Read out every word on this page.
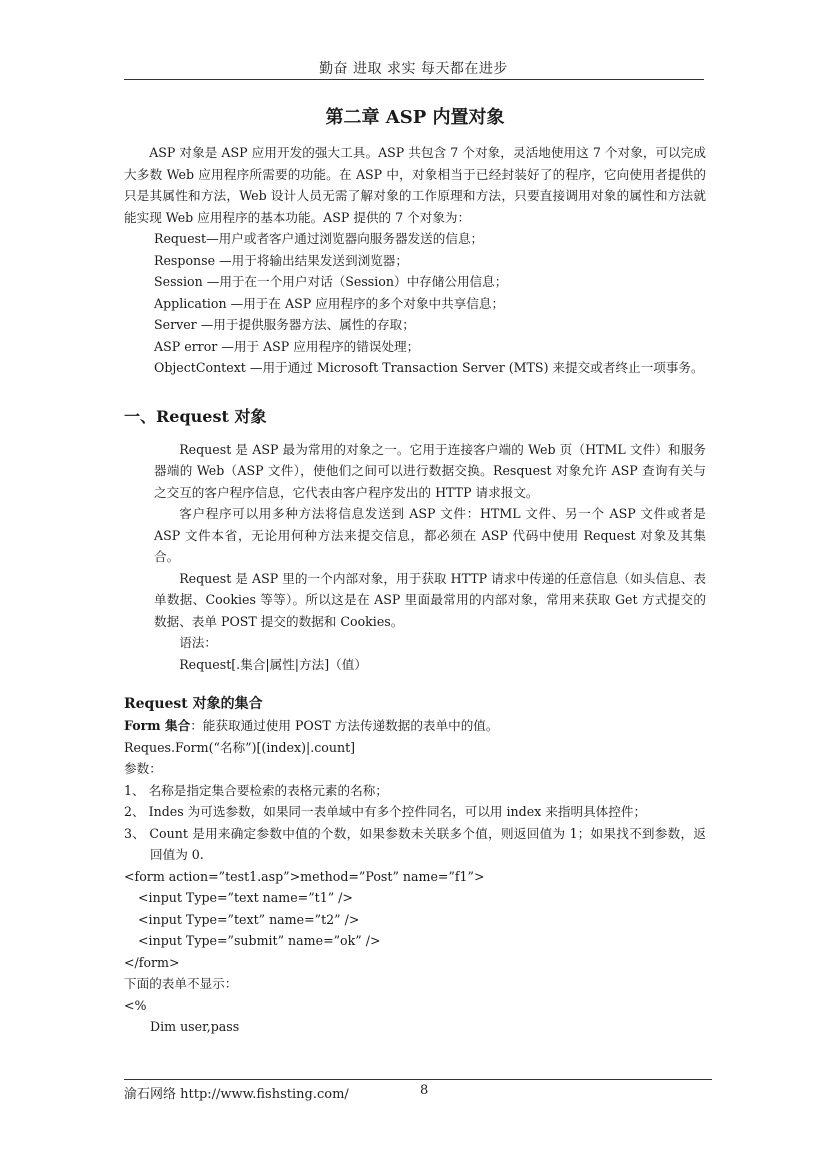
勤奋 进取 求实 每天都在进步
第二章 ASP 内置对象

ASP 对象是 ASP 应用开发的强大工具。ASP 共包含 7 个对象，灵活地使用这 7 个对象，可以完成大多数 Web 应用程序所需要的功能。在 ASP 中，对象相当于已经封装好了的程序，它向使用者提供的只是其属性和方法，Web 设计人员无需了解对象的工作原理和方法，只要直接调用对象的属性和方法就能实现 Web 应用程序的基本功能。ASP 提供的 7 个对象为：

Request—用户或者客户通过浏览器向服务器发送的信息；
Response —用于将输出结果发送到浏览器；
Session —用于在一个用户对话（Session）中存储公用信息；
Application —用于在 ASP 应用程序的多个对象中共享信息；
Server —用于提供服务器方法、属性的存取；
ASP error —用于 ASP 应用程序的错误处理；
ObjectContext —用于通过 Microsoft Transaction Server (MTS) 来提交或者终止一项事务。
一、Request 对象

Request 是 ASP 最为常用的对象之一。它用于连接客户端的 Web 页（HTML 文件）和服务器端的 Web（ASP 文件），使他们之间可以进行数据交换。Resquest 对象允许 ASP 查询有关与之交互的客户程序信息，它代表由客户程序发出的 HTTP 请求报文。

客户程序可以用多种方法将信息发送到 ASP 文件：HTML 文件、另一个 ASP 文件或者是 ASP 文件本省，无论用何种方法来提交信息，都必须在 ASP 代码中使用 Request 对象及其集合。

Request 是 ASP 里的一个内部对象，用于获取 HTTP 请求中传递的任意信息（如头信息、表单数据、Cookies 等等）。所以这是在 ASP 里面最常用的内部对象，常用来获取 Get 方式提交的数据、表单 POST 提交的数据和 Cookies。

语法：
Request[.集合|属性|方法]（值）
Request 对象的集合
Form 集合：能获取通过使用 POST 方法传递数据的表单中的值。
Reques.Form(“名称”)[(index)|.count]
参数：
1、 名称是指定集合要检索的表格元素的名称；
2、 Indes 为可选参数，如果同一表单域中有多个控件同名，可以用 index 来指明具体控件；
3、 Count 是用来确定参数中值的个数，如果参数未关联多个值，则返回值为 1；如果找不到参数，返回值为 0.
<form action=”test1.asp”>method=”Post” name=”f1”>
<input Type=”text name=”t1” />
<input Type=”text” name=”t2” />
<input Type=”submit” name=”ok” />
</form>
下面的表单不显示：
<%
Dim user,pass
渝石网络 http://www.fishsting.com/	8
